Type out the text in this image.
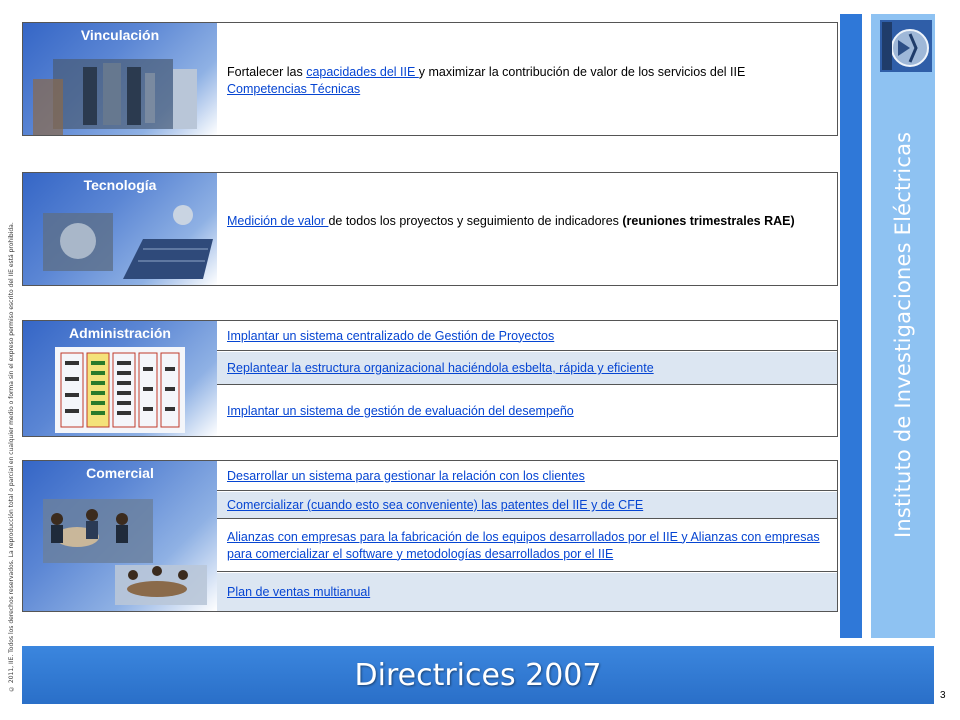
© 2011, IIE. Todos los derechos reservados. La reproducción total o parcial en cualquier medio o forma sin el expreso permiso escrito del IIE está prohibida.	Instituto de Investigaciones Eléctricas
Vinculación
Fortalecer las capacidades del IIE y maximizar la contribución de valor de los servicios del IIE
Competencias Técnicas
Tecnología
Medición de valor de todos los proyectos y seguimiento de indicadores (reuniones trimestrales RAE)
Administración	Implantar un sistema centralizado de Gestión de Proyectos
Replantear la estructura organizacional haciéndola esbelta, rápida y eficiente
Implantar un sistema de gestión de evaluación del desempeño
Comercial	Desarrollar un sistema para gestionar la relación con los clientes
Comercializar (cuando esto sea conveniente) las patentes del IIE y de CFE
Alianzas con empresas para la fabricación de los equipos desarrollados por el IIE y Alianzas con empresas para comercializar el software y metodologías desarrollados por el IIE
Plan de ventas multianual
Directrices 2007
3
